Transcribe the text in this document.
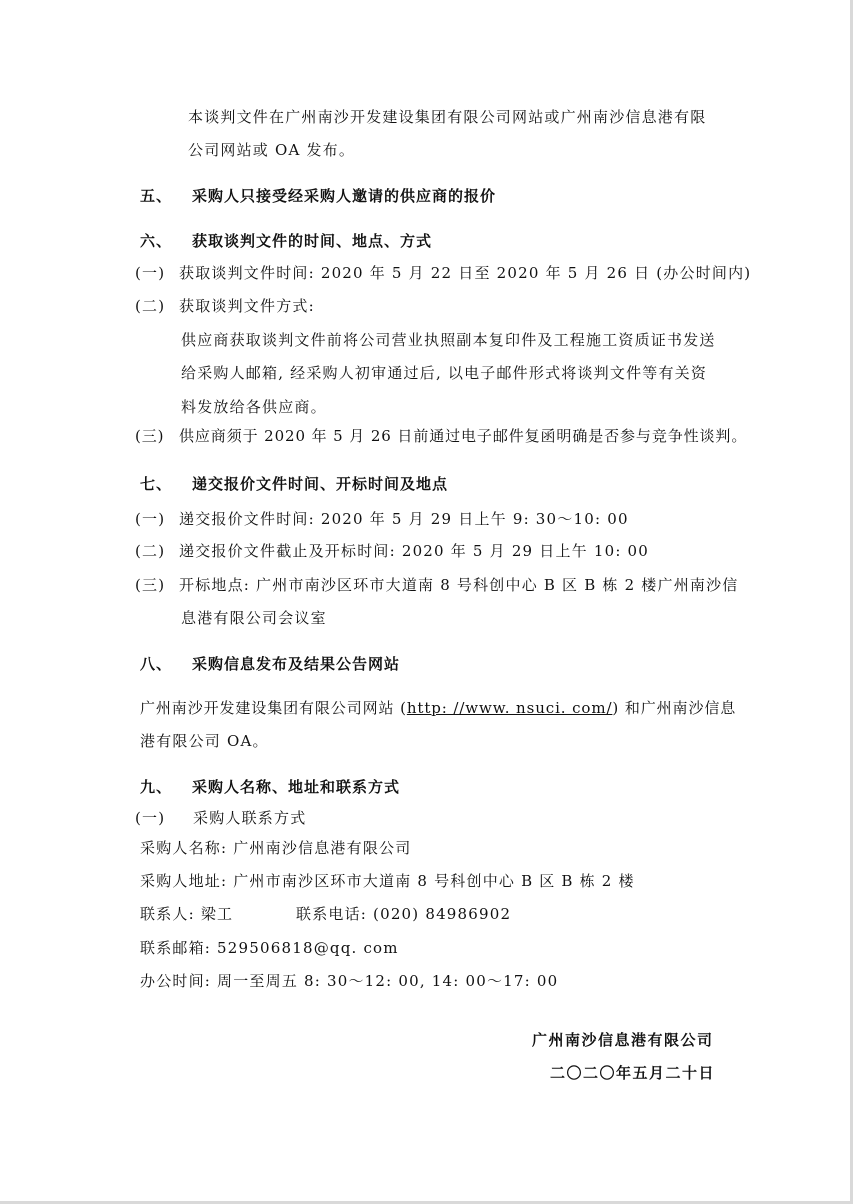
本谈判文件在广州南沙开发建设集团有限公司网站或广州南沙信息港有限
公司网站或 OA 发布。
五、 采购人只接受经采购人邀请的供应商的报价
六、 获取谈判文件的时间、地点、方式
(一) 获取谈判文件时间: 2020 年 5 月 22 日至 2020 年 5 月 26 日 (办公时间内)
(二) 获取谈判文件方式:
供应商获取谈判文件前将公司营业执照副本复印件及工程施工资质证书发送
给采购人邮箱, 经采购人初审通过后, 以电子邮件形式将谈判文件等有关资
料发放给各供应商。
(三) 供应商须于 2020 年 5 月 26 日前通过电子邮件复函明确是否参与竞争性谈判。
七、 递交报价文件时间、开标时间及地点
(一) 递交报价文件时间: 2020 年 5 月 29 日上午 9: 30～10: 00
(二) 递交报价文件截止及开标时间: 2020 年 5 月 29 日上午 10: 00
(三) 开标地点: 广州市南沙区环市大道南 8 号科创中心 B 区 B 栋 2 楼广州南沙信
息港有限公司会议室
八、 采购信息发布及结果公告网站
广州南沙开发建设集团有限公司网站 (http: //www. nsuci. com/) 和广州南沙信息
港有限公司 OA。
九、 采购人名称、地址和联系方式
(一) 采购人联系方式
采购人名称: 广州南沙信息港有限公司
采购人地址: 广州市南沙区环市大道南 8 号科创中心 B 区 B 栋 2 楼
联系人: 梁工	联系电话: (020) 84986902
联系邮箱: 529506818@qq. com
办公时间: 周一至周五 8: 30～12: 00, 14: 00～17: 00
广州南沙信息港有限公司
二〇二〇年五月二十日
